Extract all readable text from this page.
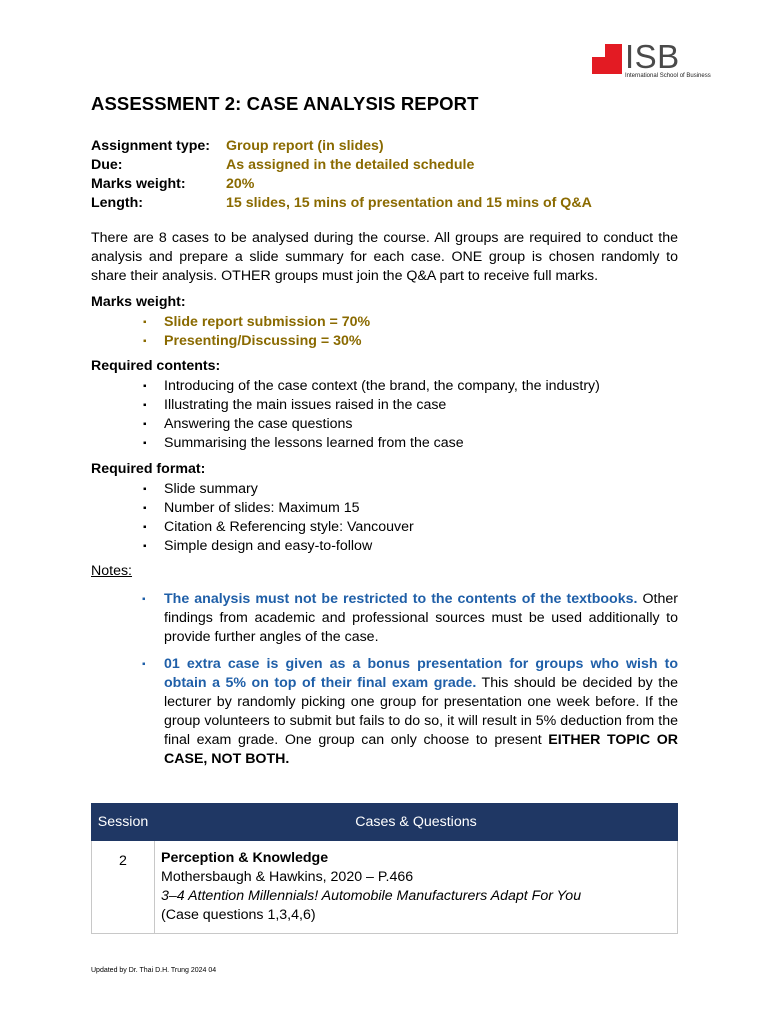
ISB
International School of Business
ASSESSMENT 2: CASE ANALYSIS REPORT
Assignment type:	Group report (in slides)
Due:	As assigned in the detailed schedule
Marks weight:	20%
Length:	15 slides, 15 mins of presentation and 15 mins of Q&A
There are 8 cases to be analysed during the course. All groups are required to conduct the analysis and prepare a slide summary for each case. ONE group is chosen randomly to share their analysis. OTHER groups must join the Q&A part to receive full marks.
Marks weight:
▪ Slide report submission = 70%
▪ Presenting/Discussing = 30%
Required contents:
▪ Introducing of the case context (the brand, the company, the industry)
▪ Illustrating the main issues raised in the case
▪ Answering the case questions
▪ Summarising the lessons learned from the case
Required format:
▪ Slide summary
▪ Number of slides: Maximum 15
▪ Citation & Referencing style: Vancouver
▪ Simple design and easy-to-follow
Notes:
▪ The analysis must not be restricted to the contents of the textbooks. Other findings from academic and professional sources must be used additionally to provide further angles of the case.
▪ 01 extra case is given as a bonus presentation for groups who wish to obtain a 5% on top of their final exam grade. This should be decided by the lecturer by randomly picking one group for presentation one week before. If the group volunteers to submit but fails to do so, it will result in 5% deduction from the final exam grade. One group can only choose to present EITHER TOPIC OR CASE, NOT BOTH.
Session	Cases & Questions
2	Perception & Knowledge
Mothersbaugh & Hawkins, 2020 – P.466
3–4 Attention Millennials! Automobile Manufacturers Adapt For You
(Case questions 1,3,4,6)
Updated by Dr. Thai D.H. Trung 2024 04
